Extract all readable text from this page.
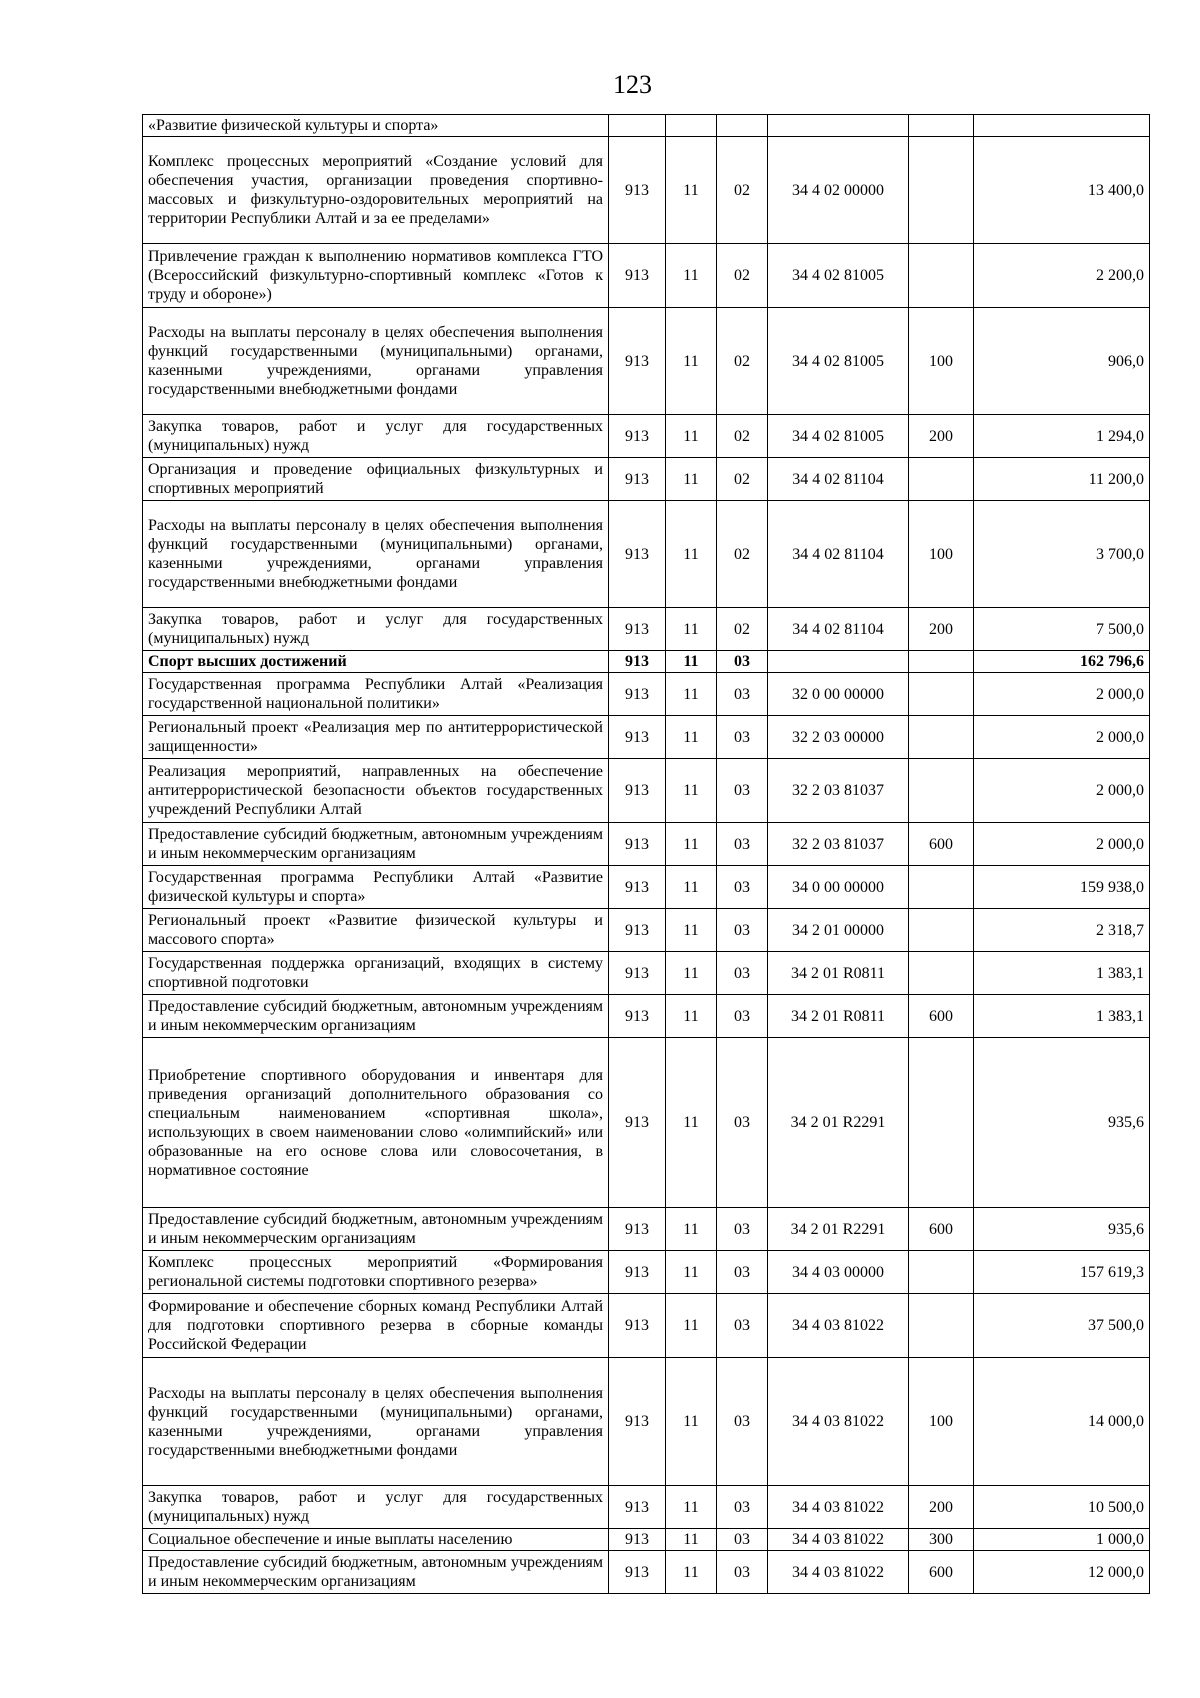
123
«Развитие физической культуры и спорта»						
Комплекс процессных мероприятий «Создание условий для обеспечения участия, организации проведения спортивно-массовых и физкультурно-оздоровительных мероприятий на территории Республики Алтай и за ее пределами»	913	11	02	34 4 02 00000		13 400,0
Привлечение граждан к выполнению нормативов комплекса ГТО (Всероссийский физкультурно-спортивный комплекс «Готов к труду и обороне»)	913	11	02	34 4 02 81005		2 200,0
Расходы на выплаты персоналу в целях обеспечения выполнения функций государственными (муниципальными) органами, казенными учреждениями, органами управления государственными внебюджетными фондами	913	11	02	34 4 02 81005	100	906,0
Закупка товаров, работ и услуг для государственных (муниципальных) нужд	913	11	02	34 4 02 81005	200	1 294,0
Организация и проведение официальных физкультурных и спортивных мероприятий	913	11	02	34 4 02 81104		11 200,0
Расходы на выплаты персоналу в целях обеспечения выполнения функций государственными (муниципальными) органами, казенными учреждениями, органами управления государственными внебюджетными фондами	913	11	02	34 4 02 81104	100	3 700,0
Закупка товаров, работ и услуг для государственных (муниципальных) нужд	913	11	02	34 4 02 81104	200	7 500,0
Спорт высших достижений	913	11	03			162 796,6
Государственная программа Республики Алтай «Реализация государственной национальной политики»	913	11	03	32 0 00 00000		2 000,0
Региональный проект «Реализация мер по антитеррористической защищенности»	913	11	03	32 2 03 00000		2 000,0
Реализация мероприятий, направленных на обеспечение антитеррористической безопасности объектов государственных учреждений Республики Алтай	913	11	03	32 2 03 81037		2 000,0
Предоставление субсидий бюджетным, автономным учреждениям и иным некоммерческим организациям	913	11	03	32 2 03 81037	600	2 000,0
Государственная программа Республики Алтай «Развитие физической культуры и спорта»	913	11	03	34 0 00 00000		159 938,0
Региональный проект «Развитие физической культуры и массового спорта»	913	11	03	34 2 01 00000		2 318,7
Государственная поддержка организаций, входящих в систему спортивной подготовки	913	11	03	34 2 01 R0811		1 383,1
Предоставление субсидий бюджетным, автономным учреждениям и иным некоммерческим организациям	913	11	03	34 2 01 R0811	600	1 383,1
Приобретение спортивного оборудования и инвентаря для приведения организаций дополнительного образования со специальным наименованием «спортивная школа», использующих в своем наименовании слово «олимпийский» или образованные на его основе слова или словосочетания, в нормативное состояние	913	11	03	34 2 01 R2291		935,6
Предоставление субсидий бюджетным, автономным учреждениям и иным некоммерческим организациям	913	11	03	34 2 01 R2291	600	935,6
Комплекс процессных мероприятий «Формирования региональной системы подготовки спортивного резерва»	913	11	03	34 4 03 00000		157 619,3
Формирование и обеспечение сборных команд Республики Алтай для подготовки спортивного резерва в сборные команды Российской Федерации	913	11	03	34 4 03 81022		37 500,0
Расходы на выплаты персоналу в целях обеспечения выполнения функций государственными (муниципальными) органами, казенными учреждениями, органами управления государственными внебюджетными фондами	913	11	03	34 4 03 81022	100	14 000,0
Закупка товаров, работ и услуг для государственных (муниципальных) нужд	913	11	03	34 4 03 81022	200	10 500,0
Социальное обеспечение и иные выплаты населению	913	11	03	34 4 03 81022	300	1 000,0
Предоставление субсидий бюджетным, автономным учреждениям и иным некоммерческим организациям	913	11	03	34 4 03 81022	600	12 000,0
